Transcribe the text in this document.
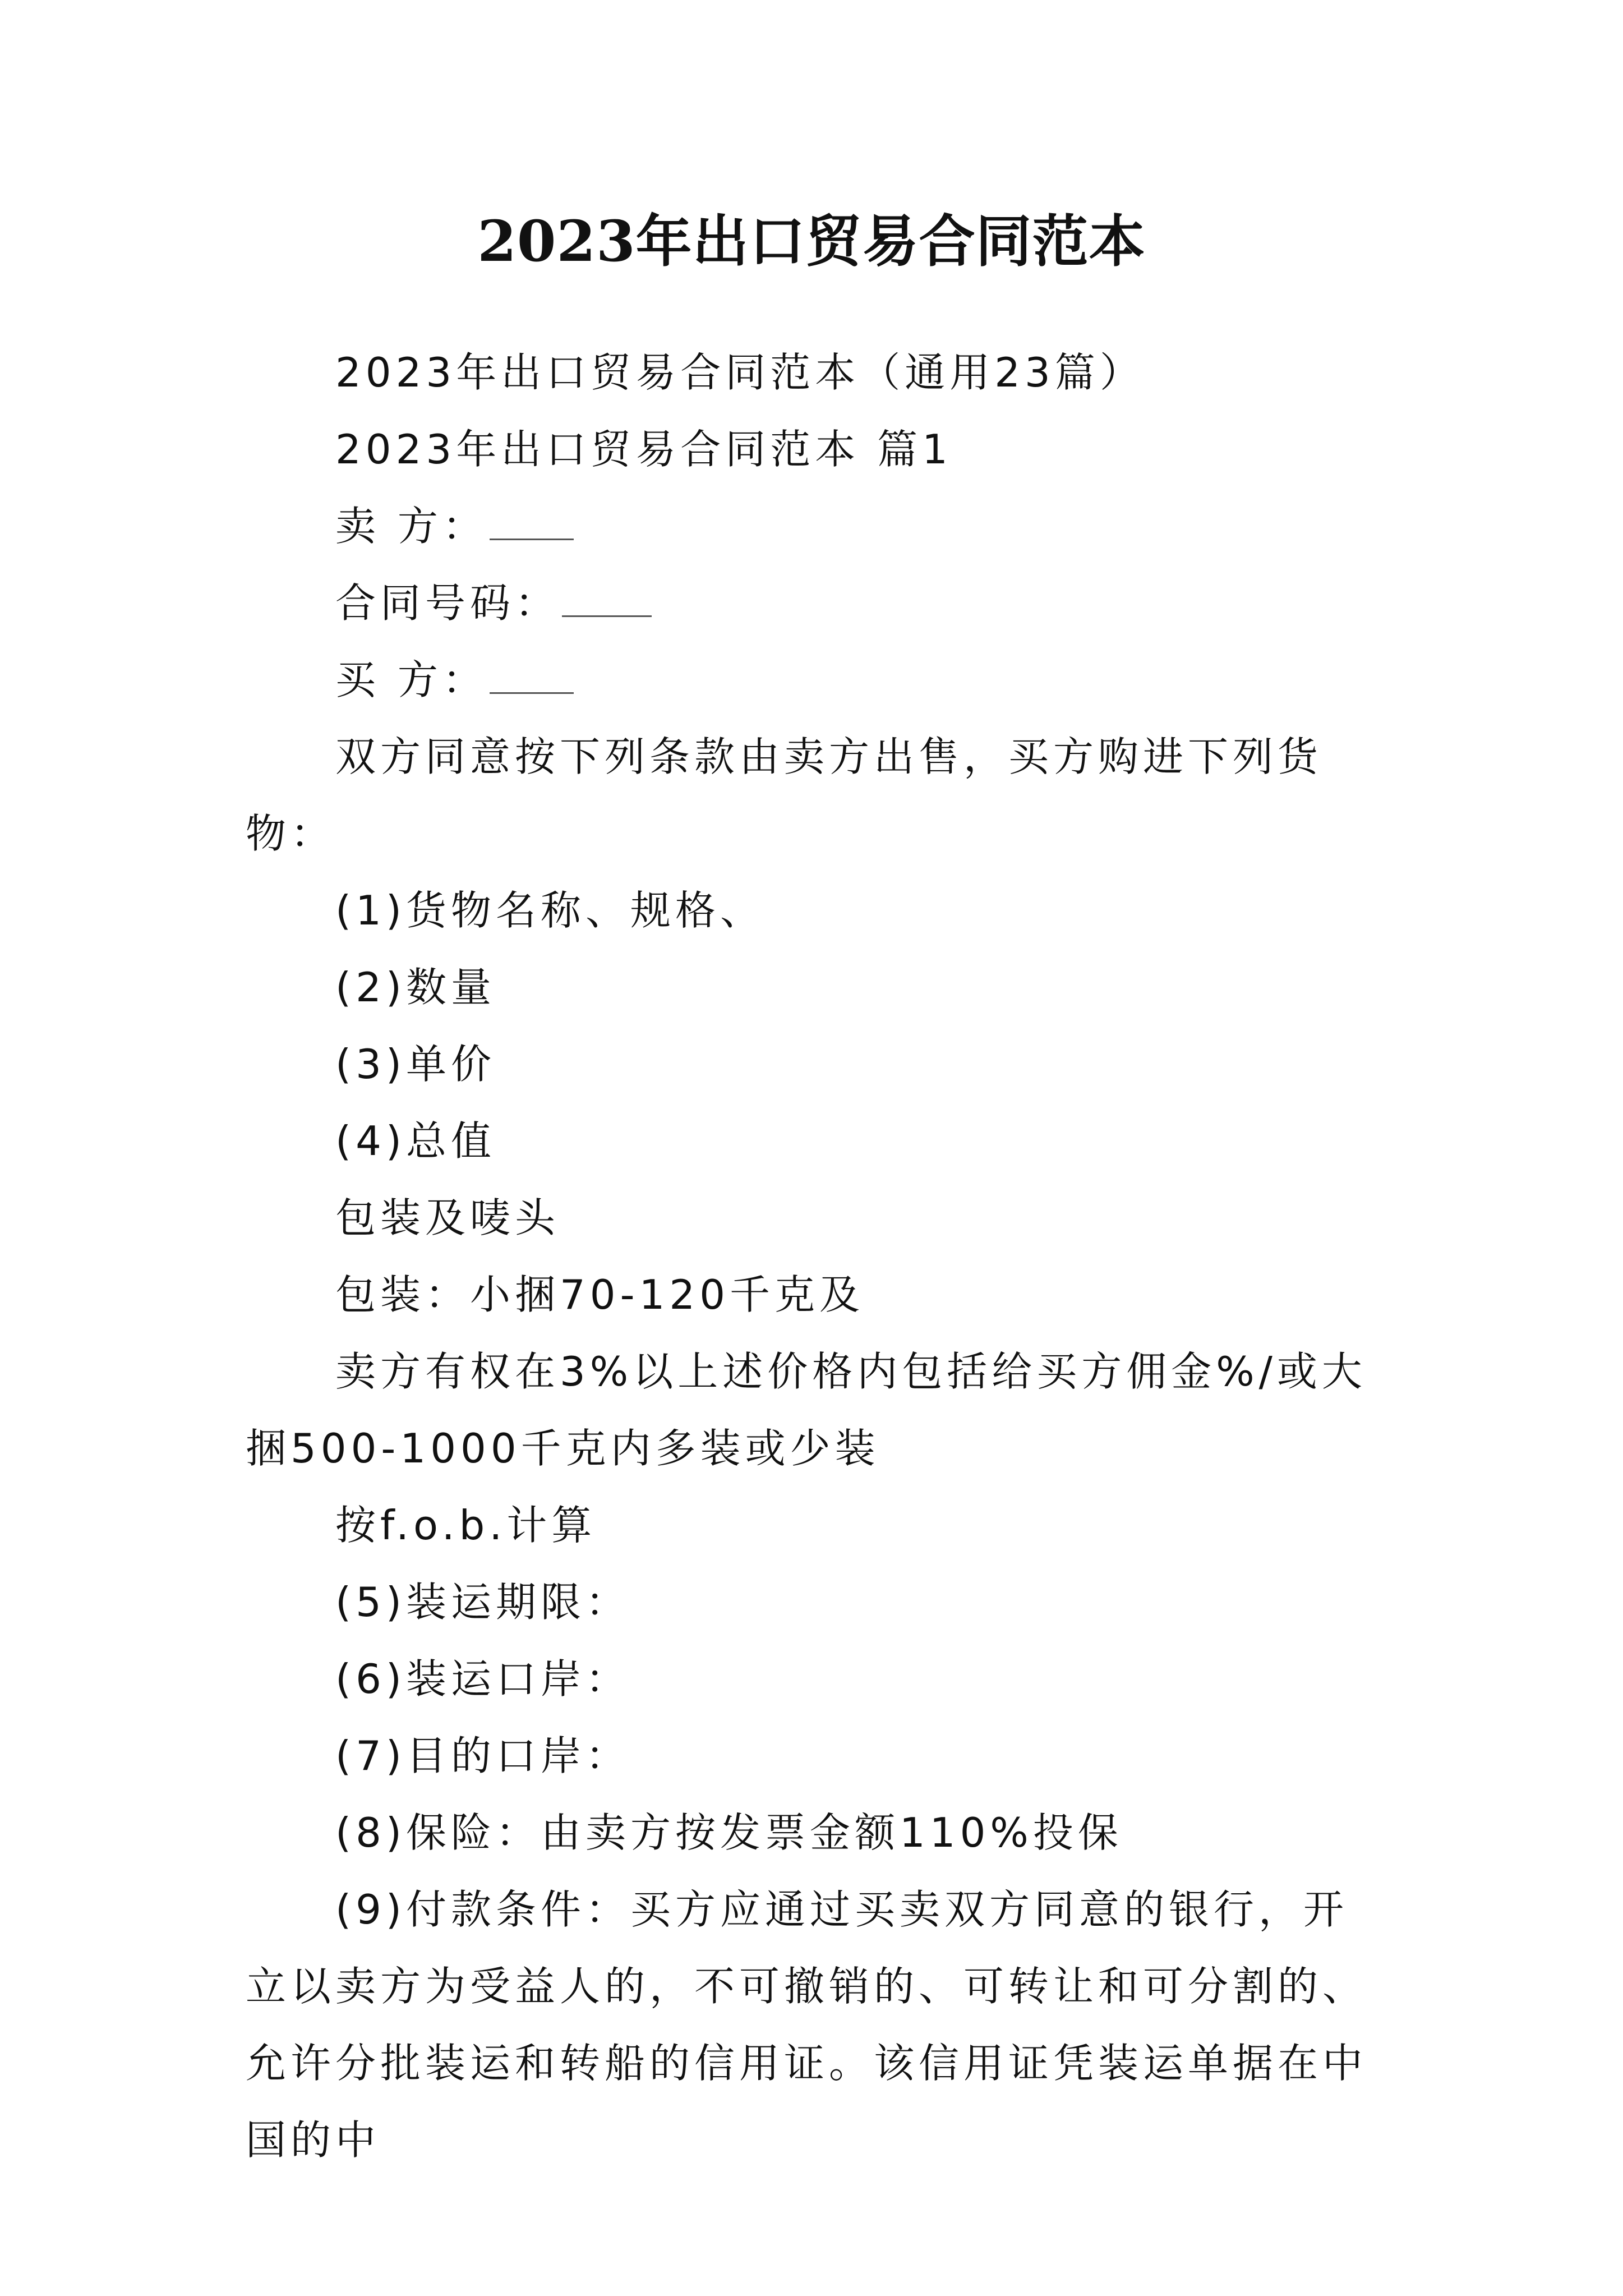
2023年出口贸易合同范本

2023年出口贸易合同范本（通用23篇）

2023年出口贸易合同范本 篇1

卖 方：

合同号码：

买 方：

双方同意按下列条款由卖方出售，买方购进下列货物：

(1)货物名称、规格、

(2)数量

(3)单价

(4)总值

包装及唛头

包装：小捆70-120千克及

卖方有权在3%以上述价格内包括给买方佣金%/或大捆500-1000千克内多装或少装

按f.o.b.计算

(5)装运期限：

(6)装运口岸：

(7)目的口岸：

(8)保险：由卖方按发票金额110%投保

(9)付款条件：买方应通过买卖双方同意的银行，开立以卖方为受益人的，不可撤销的、可转让和可分割的、允许分批装运和转船的信用证。该信用证凭装运单据在中国的中
